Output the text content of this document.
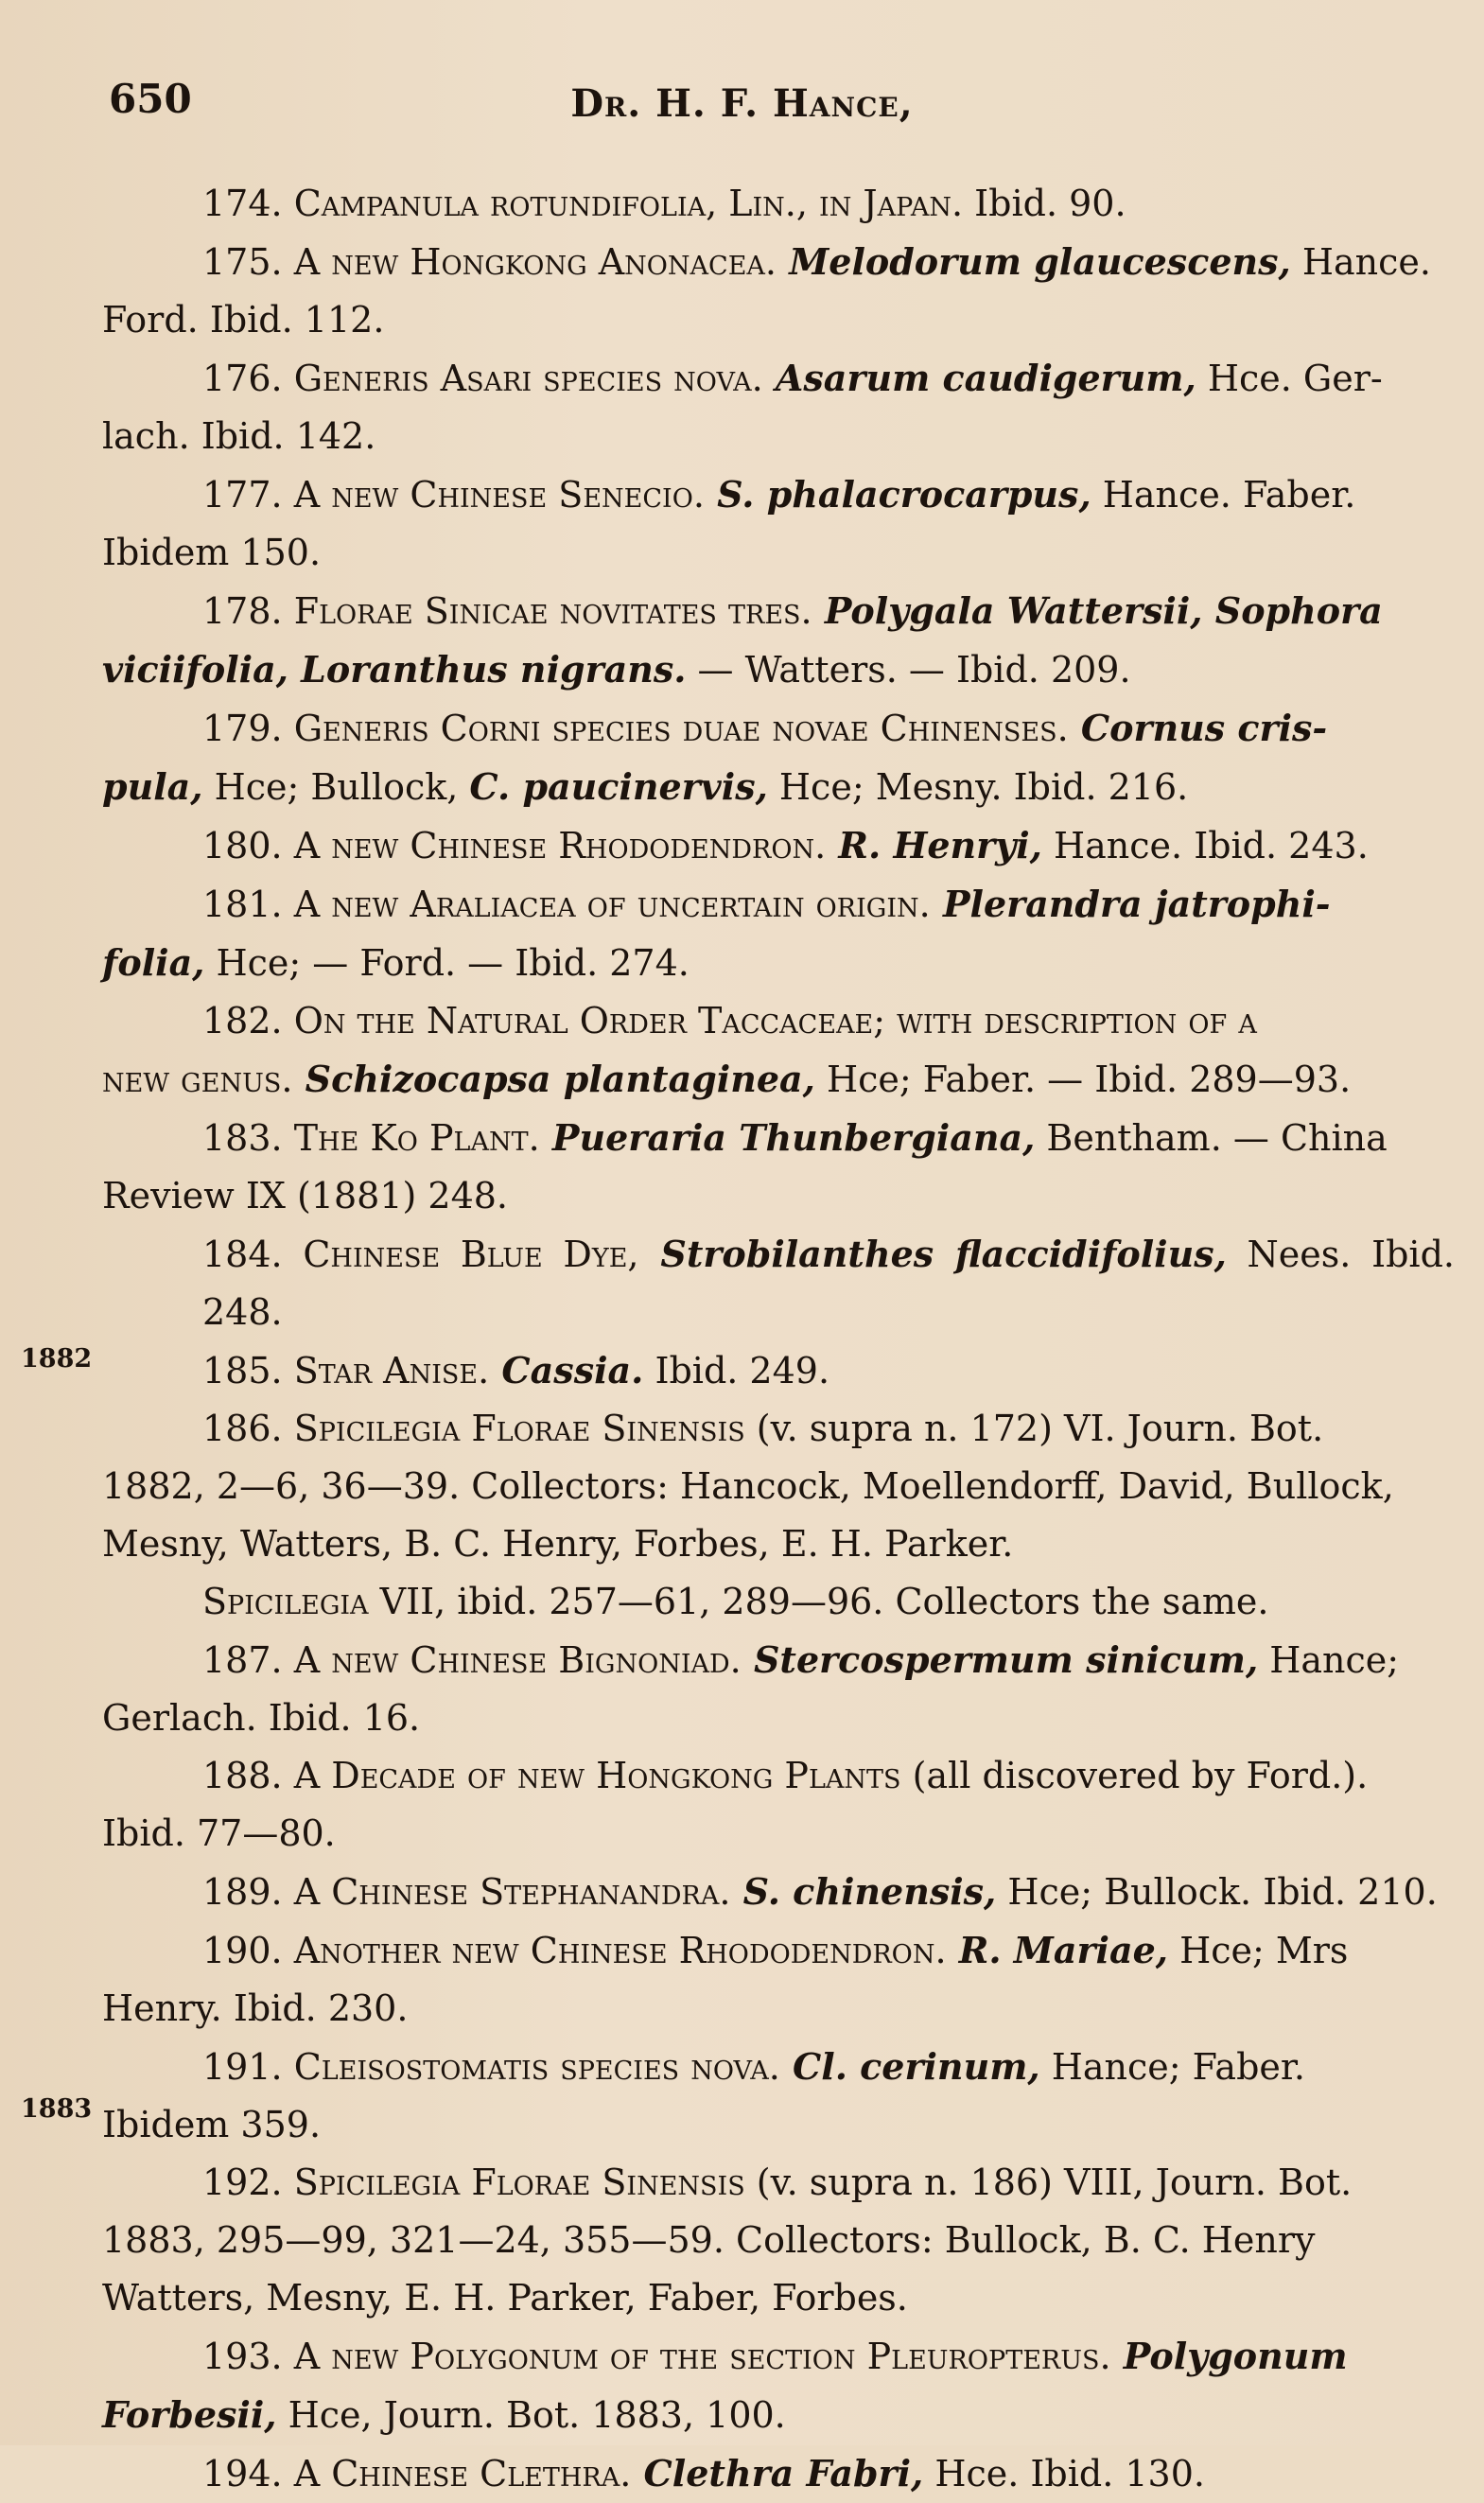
650	Dr. H. F. Hance,
174. Campanula rotundifolia, Lin., in Japan. Ibid. 90.
175. A new Hongkong Anonacea. Melodorum glaucescens, Hance.
Ford. Ibid. 112.
176. Generis Asari species nova. Asarum caudigerum, Hce. Ger-
lach. Ibid. 142.
177. A new Chinese Senecio. S. phalacrocarpus, Hance. Faber.
Ibidem 150.
178. Florae Sinicae novitates tres. Polygala Wattersii, Sophora
viciifolia, Loranthus nigrans. — Watters. — Ibid. 209.
179. Generis Corni species duae novae Chinenses. Cornus cris-
pula, Hce; Bullock, C. paucinervis, Hce; Mesny. Ibid. 216.
180. A new Chinese Rhododendron. R. Henryi, Hance. Ibid. 243.
181. A new Araliacea of uncertain origin. Plerandra jatrophi-
folia, Hce; — Ford. — Ibid. 274.
182. On the Natural Order Taccaceae; with description of a
new genus. Schizocapsa plantaginea, Hce; Faber. — Ibid. 289—93.
183. The Ko Plant. Pueraria Thunbergiana, Bentham. — China
Review IX (1881) 248.
184. Chinese Blue Dye, Strobilanthes flaccidifolius, Nees. Ibid. 248.
185. Star Anise. Cassia. Ibid. 249.
186. Spicilegia Florae Sinensis (v. supra n. 172) VI. Journ. Bot.
1882, 2—6, 36—39. Collectors: Hancock, Moellendorff, David, Bullock,
Mesny, Watters, B. C. Henry, Forbes, E. H. Parker.
Spicilegia VII, ibid. 257—61, 289—96. Collectors the same.
187. A new Chinese Bignoniad. Stercospermum sinicum, Hance;
Gerlach. Ibid. 16.
188. A Decade of new Hongkong Plants (all discovered by Ford.).
Ibid. 77—80.
189. A Chinese Stephanandra. S. chinensis, Hce; Bullock. Ibid. 210.
190. Another new Chinese Rhododendron. R. Mariae, Hce; Mrs
Henry. Ibid. 230.
191. Cleisostomatis species nova. Cl. cerinum, Hance; Faber.
Ibidem 359.
192. Spicilegia Florae Sinensis (v. supra n. 186) VIII, Journ. Bot.
1883, 295—99, 321—24, 355—59. Collectors: Bullock, B. C. Henry
Watters, Mesny, E. H. Parker, Faber, Forbes.
193. A new Polygonum of the section Pleuropterus. Polygonum
Forbesii, Hce, Journ. Bot. 1883, 100.
194. A Chinese Clethra. Clethra Fabri, Hce. Ibid. 130.
1882
1883
